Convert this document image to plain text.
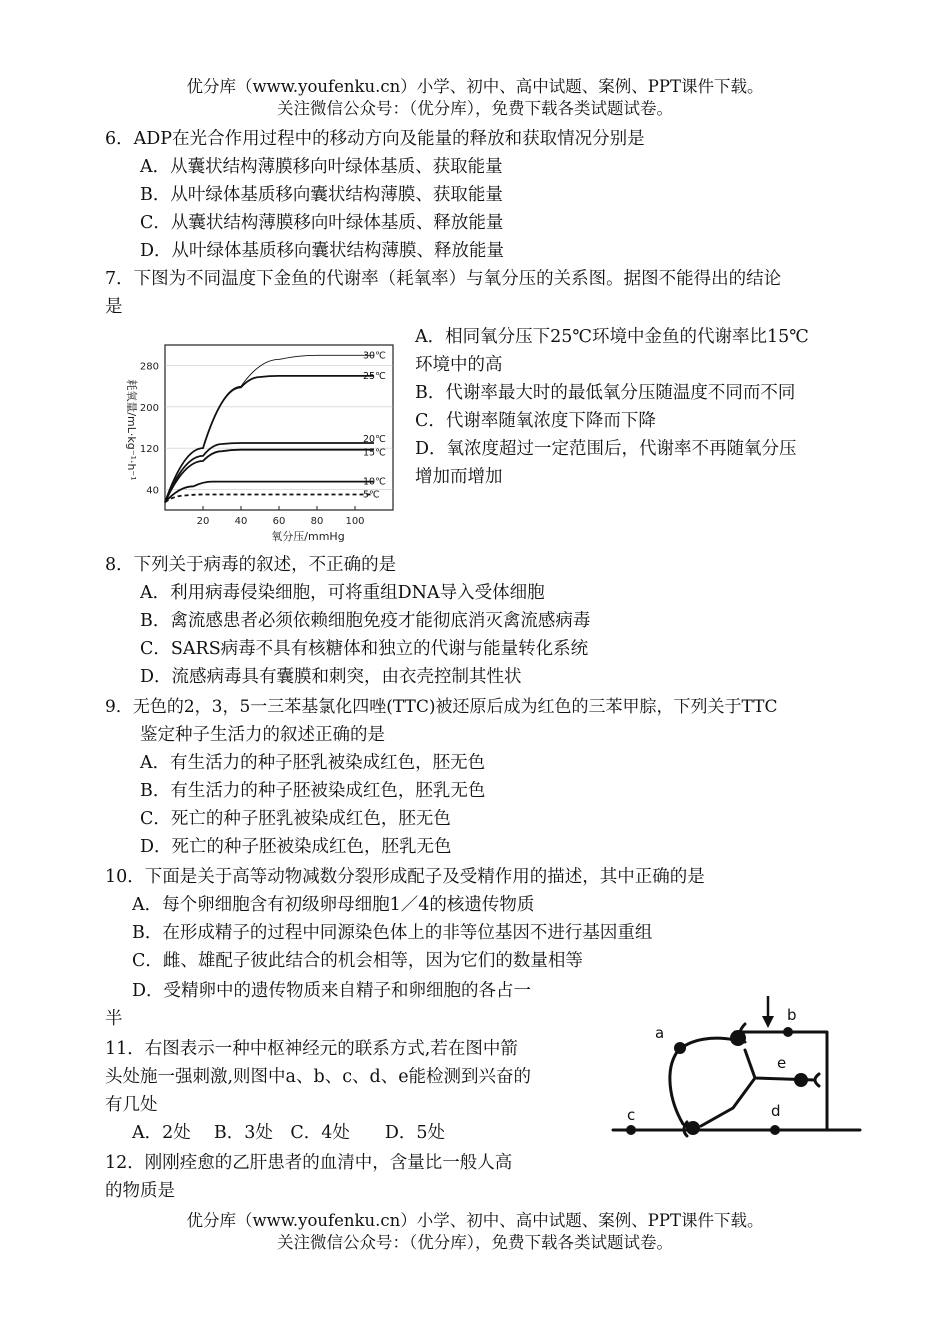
优分库（www.youfenku.cn）小学、初中、高中试题、案例、PPT课件下载。
关注微信公众号：（优分库），免费下载各类试题试卷。
6．ADP在光合作用过程中的移动方向及能量的释放和获取情况分别是
A．从囊状结构薄膜移向叶绿体基质、获取能量
B．从叶绿体基质移向囊状结构薄膜、获取能量
C．从囊状结构薄膜移向叶绿体基质、释放能量
D．从叶绿体基质移向囊状结构薄膜、释放能量
7．下图为不同温度下金鱼的代谢率（耗氧率）与氧分压的关系图。据图不能得出的结论
是
A．相同氧分压下25℃环境中金鱼的代谢率比15℃
环境中的高
B．代谢率最大时的最低氧分压随温度不同而不同
C．代谢率随氧浓度下降而下降
D．氧浓度超过一定范围后，代谢率不再随氧分压
增加而增加
40
120
200
280
20	40	60	80 100
30℃
25℃
20℃
15℃
10℃
5℃
氧分压/mmHg
耗氧量/mL·kg⁻¹·h⁻¹
8．下列关于病毒的叙述，不正确的是
A．利用病毒侵染细胞，可将重组DNA导入受体细胞
B．禽流感患者必须依赖细胞免疫才能彻底消灭禽流感病毒
C．SARS病毒不具有核糖体和独立的代谢与能量转化系统
D．流感病毒具有囊膜和刺突，由衣壳控制其性状
9．无色的2，3，5一三苯基氯化四唑(TTC)被还原后成为红色的三苯甲腙，下列关于TTC
鉴定种子生活力的叙述正确的是
A．有生活力的种子胚乳被染成红色，胚无色
B．有生活力的种子胚被染成红色，胚乳无色
C．死亡的种子胚乳被染成红色，胚无色
D．死亡的种子胚被染成红色，胚乳无色
10．下面是关于高等动物减数分裂形成配子及受精作用的描述，其中正确的是
A．每个卵细胞含有初级卵母细胞1／4的核遗传物质
B．在形成精子的过程中同源染色体上的非等位基因不进行基因重组
C．雌、雄配子彼此结合的机会相等，因为它们的数量相等
D．受精卵中的遗传物质来自精子和卵细胞的各占一
半
11．右图表示一种中枢神经元的联系方式,若在图中箭
头处施一强刺激,则图中a、b、c、d、e能检测到兴奋的
有几处
A．2处　 B．3处　C．4处　　D．5处
b
a
e
c	d
12．刚刚痊愈的乙肝患者的血清中，含量比一般人高
的物质是
优分库（www.youfenku.cn）小学、初中、高中试题、案例、PPT课件下载。
关注微信公众号：（优分库），免费下载各类试题试卷。
